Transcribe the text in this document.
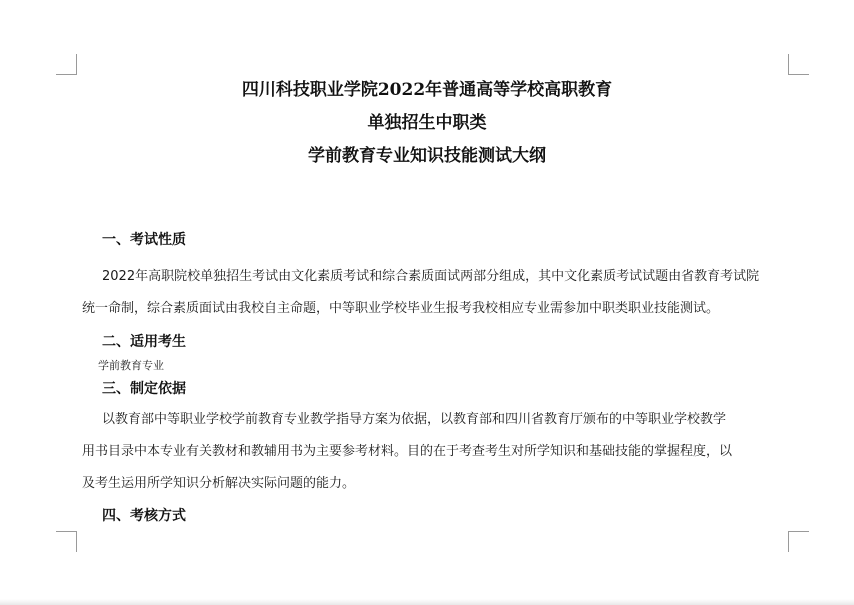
四川科技职业学院2022年普通高等学校高职教育
单独招生中职类
学前教育专业知识技能测试大纲
一、考试性质
2022年高职院校单独招生考试由文化素质考试和综合素质面试两部分组成，其中文化素质考试试题由省教育考试院
统一命制，综合素质面试由我校自主命题，中等职业学校毕业生报考我校相应专业需参加中职类职业技能测试。
二、适用考生
学前教育专业
三、制定依据
以教育部中等职业学校学前教育专业教学指导方案为依据，以教育部和四川省教育厅颁布的中等职业学校教学
用书目录中本专业有关教材和教辅用书为主要参考材料。目的在于考查考生对所学知识和基础技能的掌握程度，以
及考生运用所学知识分析解决实际问题的能力。
四、考核方式
